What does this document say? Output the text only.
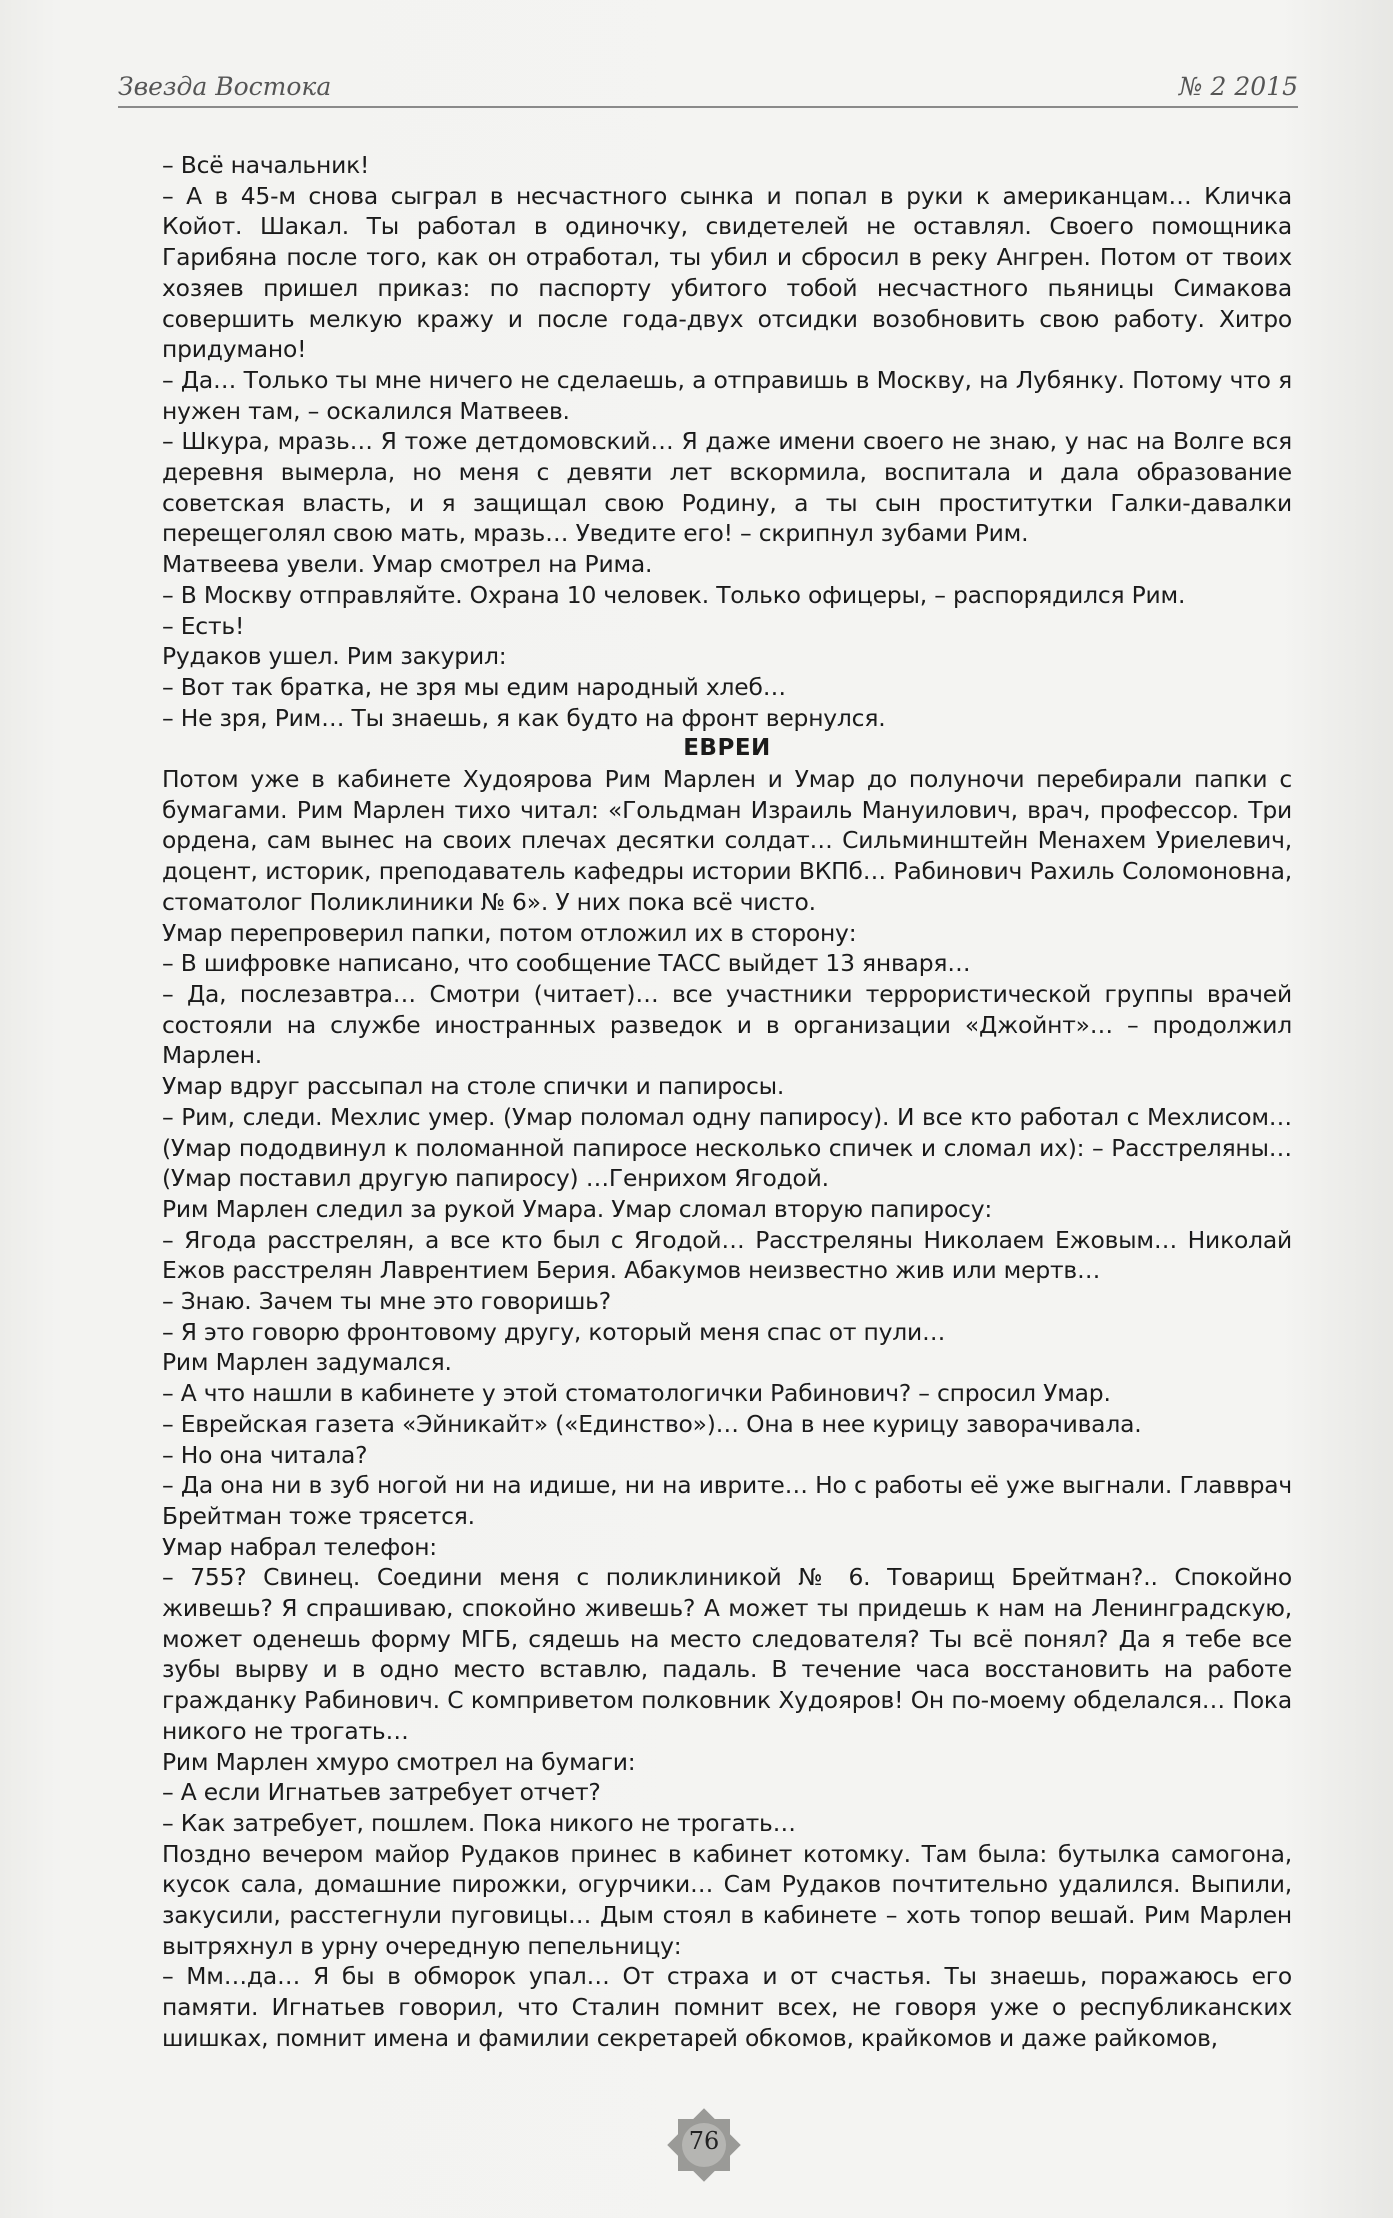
Звезда Востока	№ 2 2015

– Всё начальник!

– А в 45-м снова сыграл в несчастного сынка и попал в руки к американцам… Кличка Койот. Шакал. Ты работал в одиночку, свидетелей не оставлял. Своего помощника Гарибяна после того, как он отработал, ты убил и сбросил в реку Ангрен. Потом от твоих хозяев пришел приказ: по паспорту убитого тобой несчастного пьяницы Симакова совершить мелкую кражу и после года-двух отсидки возобновить свою работу. Хитро придумано!

– Да… Только ты мне ничего не сделаешь, а отправишь в Москву, на Лубянку. Потому что я нужен там, – оскалился Матвеев.

– Шкура, мразь… Я тоже детдомовский… Я даже имени своего не знаю, у нас на Волге вся деревня вымерла, но меня с девяти лет вскормила, воспитала и дала образование советская власть, и я защищал свою Родину, а ты сын проститутки Галки-давалки перещеголял свою мать, мразь… Уведите его! – скрипнул зубами Рим.

Матвеева увели. Умар смотрел на Рима.

– В Москву отправляйте. Охрана 10 человек. Только офицеры, – распорядился Рим.

– Есть!

Рудаков ушел. Рим закурил:

– Вот так братка, не зря мы едим народный хлеб…

– Не зря, Рим… Ты знаешь, я как будто на фронт вернулся.

ЕВРЕИ

Потом уже в кабинете Худоярова Рим Марлен и Умар до полуночи перебирали папки с бумагами. Рим Марлен тихо читал: «Гольдман Израиль Мануилович, врач, профессор. Три ордена, сам вынес на своих плечах десятки солдат… Сильминштейн Менахем Уриелевич, доцент, историк, преподаватель кафедры истории ВКПб… Рабинович Рахиль Соломоновна, стоматолог Поликлиники № 6». У них пока всё чисто.

Умар перепроверил папки, потом отложил их в сторону:

– В шифровке написано, что сообщение ТАСС выйдет 13 января…

– Да, послезавтра… Смотри (читает)… все участники террористической группы врачей состояли на службе иностранных разведок и в организации «Джойнт»… – продолжил Марлен.

Умар вдруг рассыпал на столе спички и папиросы.

– Рим, следи. Мехлис умер. (Умар поломал одну папиросу). И все кто работал с Мехлисом… (Умар пододвинул к поломанной папиросе несколько спичек и сломал их): – Расстреляны… (Умар поставил другую папиросу) …Генрихом Ягодой.

Рим Марлен следил за рукой Умара. Умар сломал вторую папиросу:

– Ягода расстрелян, а все кто был с Ягодой… Расстреляны Николаем Ежовым… Николай Ежов расстрелян Лаврентием Берия. Абакумов неизвестно жив или мертв…

– Знаю. Зачем ты мне это говоришь?

– Я это говорю фронтовому другу, который меня спас от пули…

Рим Марлен задумался.

– А что нашли в кабинете у этой стоматологички Рабинович? – спросил Умар.

– Еврейская газета «Эйникайт» («Единство»)… Она в нее курицу заворачивала.

– Но она читала?

– Да она ни в зуб ногой ни на идише, ни на иврите… Но с работы её уже выгнали. Главврач Брейтман тоже трясется.

Умар набрал телефон:

– 755? Свинец. Соедини меня с поликлиникой № 6. Товарищ Брейтман?.. Спокойно живешь? Я спрашиваю, спокойно живешь? А может ты придешь к нам на Ленинградскую, может оденешь форму МГБ, сядешь на место следователя? Ты всё понял? Да я тебе все зубы вырву и в одно место вставлю, падаль. В течение часа восстановить на работе гражданку Рабинович. С комприветом полковник Худояров! Он по-моему обделался… Пока никого не трогать…

Рим Марлен хмуро смотрел на бумаги:

– А если Игнатьев затребует отчет?

– Как затребует, пошлем. Пока никого не трогать…

Поздно вечером майор Рудаков принес в кабинет котомку. Там была: бутылка самогона, кусок сала, домашние пирожки, огурчики… Сам Рудаков почтительно удалился. Выпили, закусили, расстегнули пуговицы… Дым стоял в кабинете – хоть топор вешай. Рим Марлен вытряхнул в урну очередную пепельницу:

– Мм…да… Я бы в обморок упал… От страха и от счастья. Ты знаешь, поражаюсь его памяти. Игнатьев говорил, что Сталин помнит всех, не говоря уже о республиканских шишках, помнит имена и фамилии секретарей обкомов, крайкомов и даже райкомов,

76
